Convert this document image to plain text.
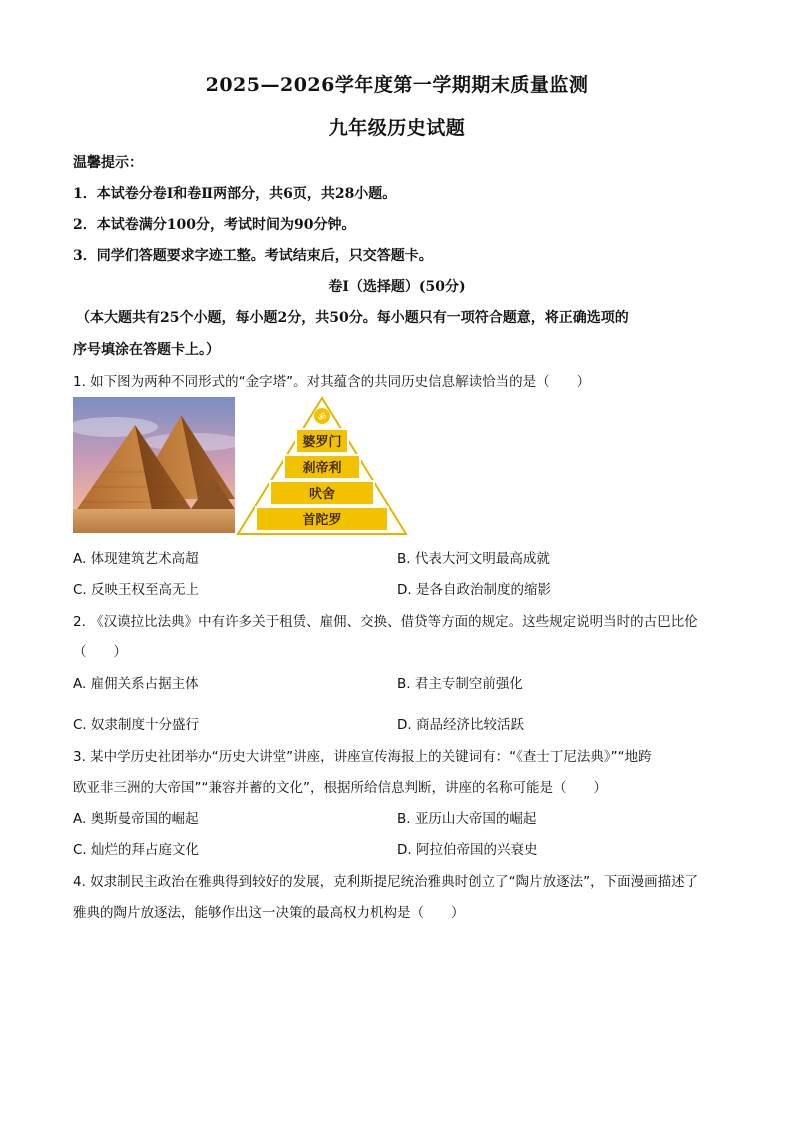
2025—2026学年度第一学期期末质量监测
九年级历史试题
温馨提示：
1．本试卷分卷Ⅰ和卷Ⅱ两部分，共6页，共28小题。
2．本试卷满分100分，考试时间为90分钟。
3．同学们答题要求字迹工整。考试结束后，只交答题卡。
卷Ⅰ（选择题）(50分)
（本大题共有25个小题，每小题2分，共50分。每小题只有一项符合题意，将正确选项的
序号填涂在答题卡上。）
1. 如下图为两种不同形式的“金字塔”。对其蕴含的共同历史信息解读恰当的是（　　）
ॐ
婆罗门
刹帝利
吠舍
首陀罗
A. 体现建筑艺术高超	B. 代表大河文明最高成就
C. 反映王权至高无上	D. 是各自政治制度的缩影
2. 《汉谟拉比法典》中有许多关于租赁、雇佣、交换、借贷等方面的规定。这些规定说明当时的古巴比伦
（　　）
A. 雇佣关系占据主体	B. 君主专制空前强化
C. 奴隶制度十分盛行	D. 商品经济比较活跃
3. 某中学历史社团举办“历史大讲堂”讲座，讲座宣传海报上的关键词有：“《查士丁尼法典》”“地跨
欧亚非三洲的大帝国”“兼容并蓄的文化”，根据所给信息判断，讲座的名称可能是（　　）
A. 奥斯曼帝国的崛起	B. 亚历山大帝国的崛起
C. 灿烂的拜占庭文化	D. 阿拉伯帝国的兴衰史
4. 奴隶制民主政治在雅典得到较好的发展，克利斯提尼统治雅典时创立了“陶片放逐法”，下面漫画描述了
雅典的陶片放逐法，能够作出这一决策的最高权力机构是（　　）
